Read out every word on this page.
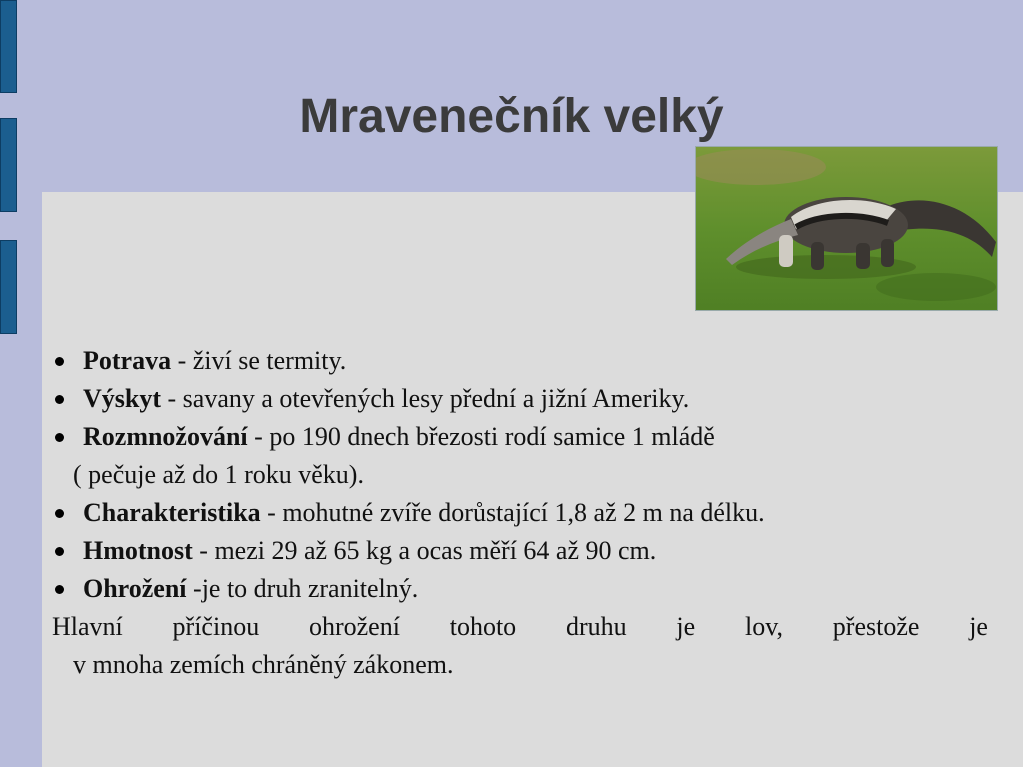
Mravenečník velký
Potrava - živí se termity.
Výskyt - savany a otevřených lesy přední a jižní Ameriky.
Rozmnožování - po 190 dnech březosti rodí samice 1 mládě
( pečuje až do 1 roku věku).
Charakteristika - mohutné zvíře dorůstající 1,8 až 2 m na délku.
Hmotnost - mezi 29 až 65 kg a ocas měří 64 až 90 cm.
Ohrožení -je to druh zranitelný.

Hlavní příčinou ohrožení tohoto druhu je lov, přestože je
v mnoha zemích chráněný zákonem.
